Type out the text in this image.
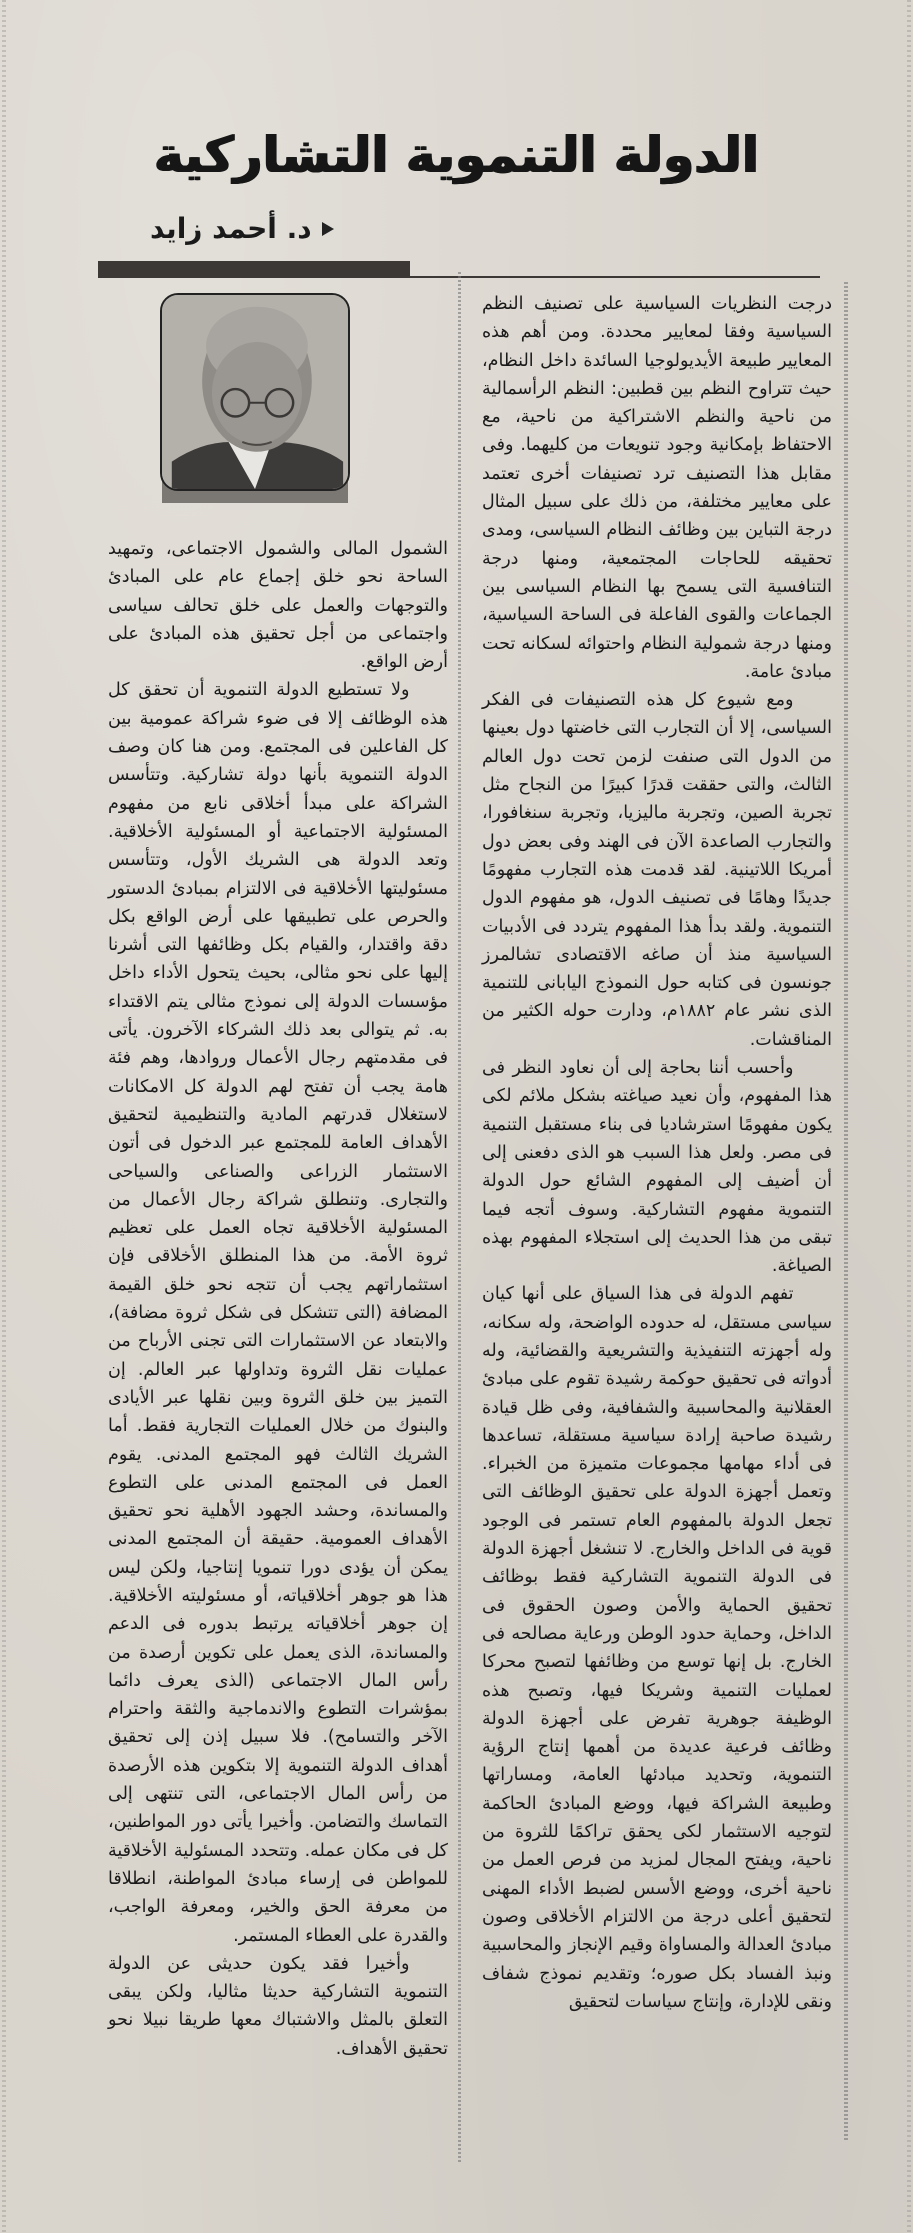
الدولة التنموية التشاركية
د. أحمد زايد

درجت النظريات السياسية على تصنيف النظم السياسية وفقا لمعايير محددة. ومن أهم هذه المعايير طبيعة الأيديولوجيا السائدة داخل النظام، حيث تتراوح النظم بين قطبين: النظم الرأسمالية من ناحية والنظم الاشتراكية من ناحية، مع الاحتفاظ بإمكانية وجود تنويعات من كليهما. وفى مقابل هذا التصنيف ترد تصنيفات أخرى تعتمد على معايير مختلفة، من ذلك على سبيل المثال درجة التباين بين وظائف النظام السياسى، ومدى تحقيقه للحاجات المجتمعية، ومنها درجة التنافسية التى يسمح بها النظام السياسى بين الجماعات والقوى الفاعلة فى الساحة السياسية، ومنها درجة شمولية النظام واحتوائه لسكانه تحت مبادئ عامة.

ومع شيوع كل هذه التصنيفات فى الفكر السياسى، إلا أن التجارب التى خاضتها دول بعينها من الدول التى صنفت لزمن تحت دول العالم الثالث، والتى حققت قدرًا كبيرًا من النجاح مثل تجربة الصين، وتجربة ماليزيا، وتجربة سنغافورا، والتجارب الصاعدة الآن فى الهند وفى بعض دول أمريكا اللاتينية. لقد قدمت هذه التجارب مفهومًا جديدًا وهامًا فى تصنيف الدول، هو مفهوم الدول التنموية. ولقد بدأ هذا المفهوم يتردد فى الأدبيات السياسية منذ أن صاغه الاقتصادى تشالمرز جونسون فى كتابه حول النموذج اليابانى للتنمية الذى نشر عام ١٨٨٢م، ودارت حوله الكثير من المناقشات.

وأحسب أننا بحاجة إلى أن نعاود النظر فى هذا المفهوم، وأن نعيد صياغته بشكل ملائم لكى يكون مفهومًا استرشاديا فى بناء مستقبل التنمية فى مصر. ولعل هذا السبب هو الذى دفعنى إلى أن أضيف إلى المفهوم الشائع حول الدولة التنموية مفهوم التشاركية. وسوف أتجه فيما تبقى من هذا الحديث إلى استجلاء المفهوم بهذه الصياغة.

تفهم الدولة فى هذا السياق على أنها كيان سياسى مستقل، له حدوده الواضحة، وله سكانه، وله أجهزته التنفيذية والتشريعية والقضائية، وله أدواته فى تحقيق حوكمة رشيدة تقوم على مبادئ العقلانية والمحاسبية والشفافية، وفى ظل قيادة رشيدة صاحبة إرادة سياسية مستقلة، تساعدها فى أداء مهامها مجموعات متميزة من الخبراء. وتعمل أجهزة الدولة على تحقيق الوظائف التى تجعل الدولة بالمفهوم العام تستمر فى الوجود قوية فى الداخل والخارج. لا تنشغل أجهزة الدولة فى الدولة التنموية التشاركية فقط بوظائف تحقيق الحماية والأمن وصون الحقوق فى الداخل، وحماية حدود الوطن ورعاية مصالحه فى الخارج. بل إنها توسع من وظائفها لتصبح محركا لعمليات التنمية وشريكا فيها، وتصبح هذه الوظيفة جوهرية تفرض على أجهزة الدولة وظائف فرعية عديدة من أهمها إنتاج الرؤية التنموية، وتحديد مبادئها العامة، ومساراتها وطبيعة الشراكة فيها، ووضع المبادئ الحاكمة لتوجيه الاستثمار لكى يحقق تراكمًا للثروة من ناحية، ويفتح المجال لمزيد من فرص العمل من ناحية أخرى، ووضع الأسس لضبط الأداء المهنى لتحقيق أعلى درجة من الالتزام الأخلاقى وصون مبادئ العدالة والمساواة وقيم الإنجاز والمحاسبية ونبذ الفساد بكل صوره؛ وتقديم نموذج شفاف ونقى للإدارة، وإنتاج سياسات لتحقيق

الشمول المالى والشمول الاجتماعى، وتمهيد الساحة نحو خلق إجماع عام على المبادئ والتوجهات والعمل على خلق تحالف سياسى واجتماعى من أجل تحقيق هذه المبادئ على أرض الواقع.

ولا تستطيع الدولة التنموية أن تحقق كل هذه الوظائف إلا فى ضوء شراكة عمومية بين كل الفاعلين فى المجتمع. ومن هنا كان وصف الدولة التنموية بأنها دولة تشاركية. وتتأسس الشراكة على مبدأ أخلاقى نابع من مفهوم المسئولية الاجتماعية أو المسئولية الأخلاقية. وتعد الدولة هى الشريك الأول، وتتأسس مسئوليتها الأخلاقية فى الالتزام بمبادئ الدستور والحرص على تطبيقها على أرض الواقع بكل دقة واقتدار، والقيام بكل وظائفها التى أشرنا إليها على نحو مثالى، بحيث يتحول الأداء داخل مؤسسات الدولة إلى نموذج مثالى يتم الاقتداء به. ثم يتوالى بعد ذلك الشركاء الآخرون. يأتى فى مقدمتهم رجال الأعمال وروادها، وهم فئة هامة يجب أن تفتح لهم الدولة كل الامكانات لاستغلال قدرتهم المادية والتنظيمية لتحقيق الأهداف العامة للمجتمع عبر الدخول فى أتون الاستثمار الزراعى والصناعى والسياحى والتجارى. وتنطلق شراكة رجال الأعمال من المسئولية الأخلاقية تجاه العمل على تعظيم ثروة الأمة. من هذا المنطلق الأخلاقى فإن استثماراتهم يجب أن تتجه نحو خلق القيمة المضافة (التى تتشكل فى شكل ثروة مضافة)، والابتعاد عن الاستثمارات التى تجنى الأرباح من عمليات نقل الثروة وتداولها عبر العالم. إن التميز بين خلق الثروة وبين نقلها عبر الأيادى والبنوك من خلال العمليات التجارية فقط. أما الشريك الثالث فهو المجتمع المدنى. يقوم العمل فى المجتمع المدنى على التطوع والمساندة، وحشد الجهود الأهلية نحو تحقيق الأهداف العمومية. حقيقة أن المجتمع المدنى يمكن أن يؤدى دورا تنمويا إنتاجيا، ولكن ليس هذا هو جوهر أخلاقياته، أو مسئوليته الأخلاقية. إن جوهر أخلاقياته يرتبط بدوره فى الدعم والمساندة، الذى يعمل على تكوين أرصدة من رأس المال الاجتماعى (الذى يعرف دائما بمؤشرات التطوع والاندماجية والثقة واحترام الآخر والتسامح). فلا سبيل إذن إلى تحقيق أهداف الدولة التنموية إلا بتكوين هذه الأرصدة من رأس المال الاجتماعى، التى تنتهى إلى التماسك والتضامن. وأخيرا يأتى دور المواطنين، كل فى مكان عمله. وتتحدد المسئولية الأخلاقية للمواطن فى إرساء مبادئ المواطنة، انطلاقا من معرفة الحق والخير، ومعرفة الواجب، والقدرة على العطاء المستمر.

وأخيرا فقد يكون حديثى عن الدولة التنموية التشاركية حديثا مثاليا، ولكن يبقى التعلق بالمثل والاشتباك معها طريقا نبيلا نحو تحقيق الأهداف.
